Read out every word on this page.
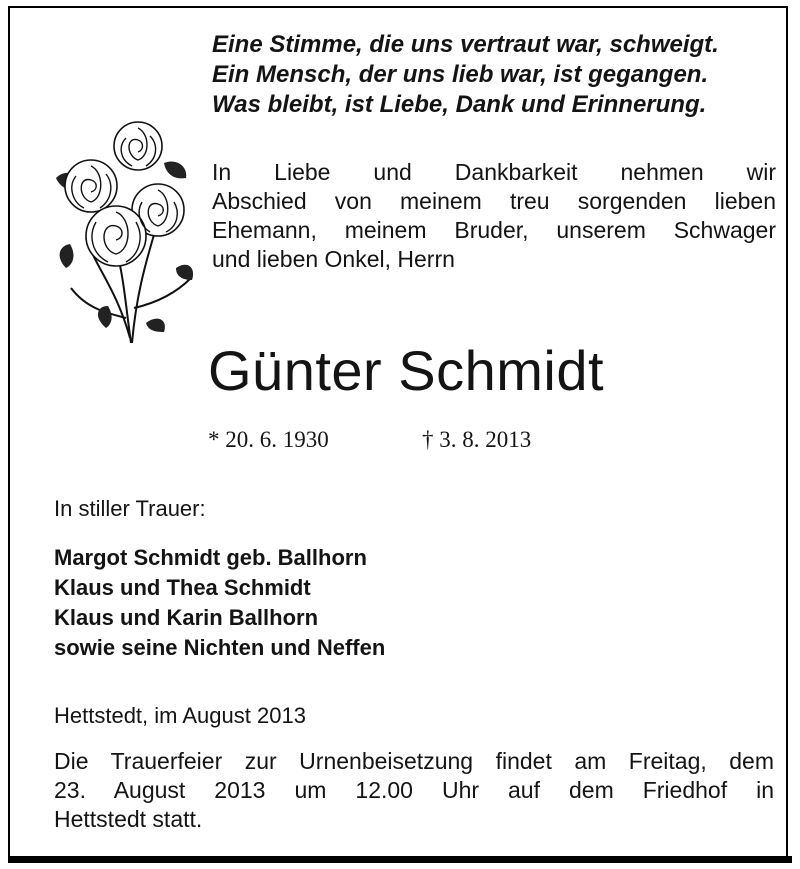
Eine Stimme, die uns vertraut war, schweigt.
Ein Mensch, der uns lieb war, ist gegangen.
Was bleibt, ist Liebe, Dank und Erinnerung.
In Liebe und Dankbarkeit nehmen wir
Abschied von meinem treu sorgenden lieben
Ehemann, meinem Bruder, unserem Schwager
und lieben Onkel, Herrn
Günter Schmidt
* 20. 6. 1930	† 3. 8. 2013
In stiller Trauer:
Margot Schmidt geb. Ballhorn
Klaus und Thea Schmidt
Klaus und Karin Ballhorn
sowie seine Nichten und Neffen
Hettstedt, im August 2013
Die Trauerfeier zur Urnenbeisetzung findet am Freitag, dem
23. August 2013 um 12.00 Uhr auf dem Friedhof in
Hettstedt statt.
